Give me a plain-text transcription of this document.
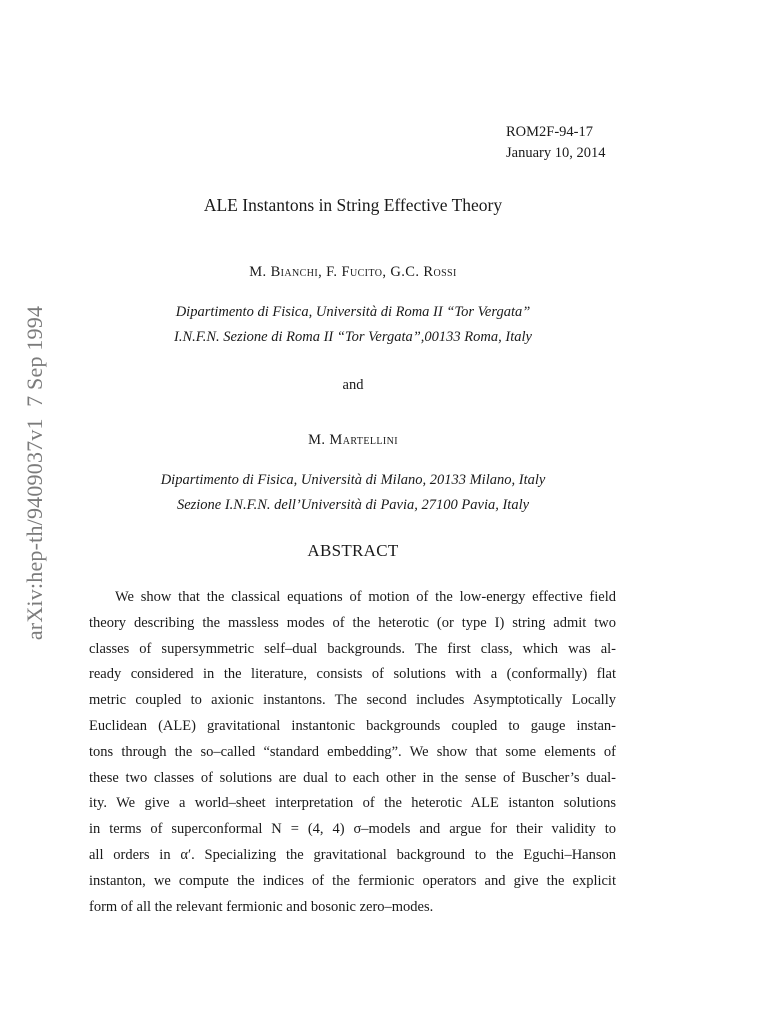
ROM2F-94-17
January 10, 2014
ALE Instantons in String Effective Theory
M. Bianchi, F. Fucito, G.C. Rossi
Dipartimento di Fisica, Università di Roma II “Tor Vergata”
I.N.F.N. Sezione di Roma II “Tor Vergata”,00133 Roma, Italy
and
M. Martellini
Dipartimento di Fisica, Università di Milano, 20133 Milano, Italy
Sezione I.N.F.N. dell’Università di Pavia, 27100 Pavia, Italy
ABSTRACT
We show that the classical equations of motion of the low-energy effective field
theory describing the massless modes of the heterotic (or type I) string admit two
classes of supersymmetric self–dual backgrounds. The first class, which was al-
ready considered in the literature, consists of solutions with a (conformally) flat
metric coupled to axionic instantons. The second includes Asymptotically Locally
Euclidean (ALE) gravitational instantonic backgrounds coupled to gauge instan-
tons through the so–called “standard embedding”. We show that some elements of
these two classes of solutions are dual to each other in the sense of Buscher’s dual-
ity. We give a world–sheet interpretation of the heterotic ALE istanton solutions
in terms of superconformal N = (4, 4) σ–models and argue for their validity to
all orders in α′. Specializing the gravitational background to the Eguchi–Hanson
instanton, we compute the indices of the fermionic operators and give the explicit
form of all the relevant fermionic and bosonic zero–modes.
arXiv:hep-th/9409037v1  7 Sep 1994
